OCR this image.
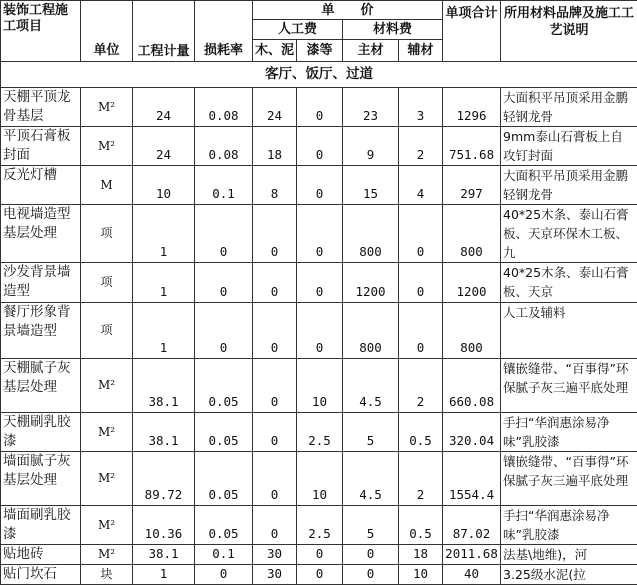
装饰工程施工项目	单位	工程计量	损耗率	单　　价				单项合计	所用材料品牌及施工工艺说明
				人工费		材料费			
				木、泥	漆等	主材	辅材		
客厅、饭厅、过道									
天棚平顶龙骨基层	M²	24	0.08	24	0	23	3	1296	大面积平吊顶采用金鹏轻钢龙骨
平顶石膏板封面	M²	24	0.08	18	0	9	2	751.68	9mm泰山石膏板上自攻钉封面
反光灯槽	M	10	0.1	8	0	15	4	297	大面积平吊顶采用金鹏轻钢龙骨
电视墙造型基层处理	项	1	0	0	0	800	0	800	40*25木条、泰山石膏板、天京环保木工板、九
沙发背景墙造型	项	1	0	0	0	1200	0	1200	40*25木条、泰山石膏板、天京
餐厅形象背景墙造型	项	1	0	0	0	800	0	800	人工及辅料
天棚腻子灰基层处理	M²	38.1	0.05	0	10	4.5	2	660.08	镶嵌缝带、“百事得”环保腻子灰三遍平底处理
天棚刷乳胶漆	M²	38.1	0.05	0	2.5	5	0.5	320.04	手扫“华润惠涂易净味”乳胶漆
墙面腻子灰基层处理	M²	89.72	0.05	0	10	4.5	2	1554.4	镶嵌缝带、“百事得”环保腻子灰三遍平底处理
墙面刷乳胶漆	M²	10.36	0.05	0	2.5	5	0.5	87.02	手扫“华润惠涂易净味”乳胶漆
贴地砖	M²	38.1	0.1	30	0	0	18	2011.68	法基\地维)，河
贴门坎石	块	1	0	30	0	0	10	40	3.25级水泥(拉
